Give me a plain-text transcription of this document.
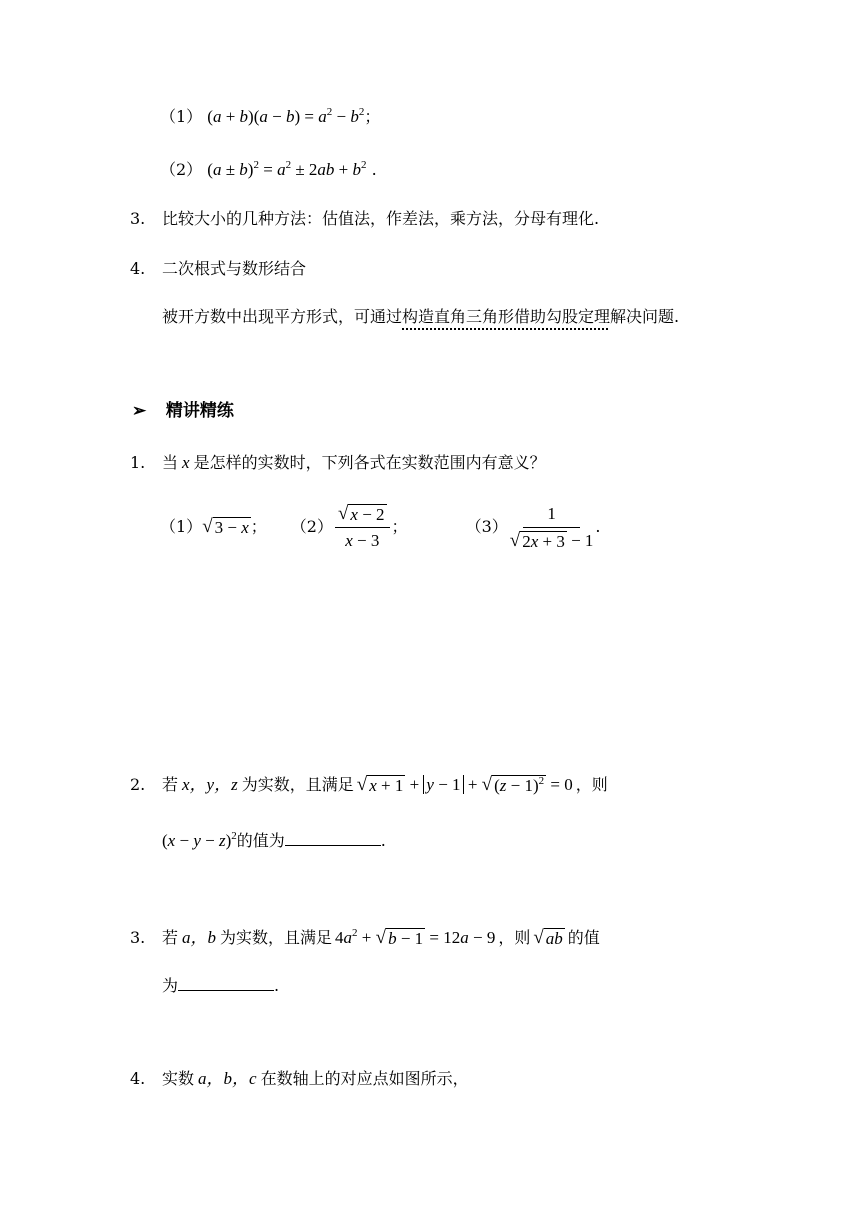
（1） $(a + b)(a - b) = a^2 - b^2$；
（2） $(a \pm b)^2 = a^2 \pm 2ab + b^2$ .
3. 比较大小的几种方法：估值法，作差法，乘方法，分母有理化.
4. 二次根式与数形结合
被开方数中出现平方形式，可通过构造直角三角形借助勾股定理解决问题.
➢ 精讲精练
1. 当 x 是怎样的实数时，下列各式在实数范围内有意义？
（1） √ 3 − x ； $(2) \frac{√ x - 2}{x - 3}$ ；	$(3) \frac{1}{√ 2x + 3 - 1}$ .
2. 若 x，y，z 为实数，且满足 √ x + 1 + y − 1 + √ $(z - 1)^2 = 0$ ，则
$(x - y - z)^2$的值为	.
3. 若 a，b 为实数，且满足 $4a^2$ + √ b − 1 = 12a − 9 ，则 √ ab 的值
为	.
4. 实数 a，b，c 在数轴上的对应点如图所示，
